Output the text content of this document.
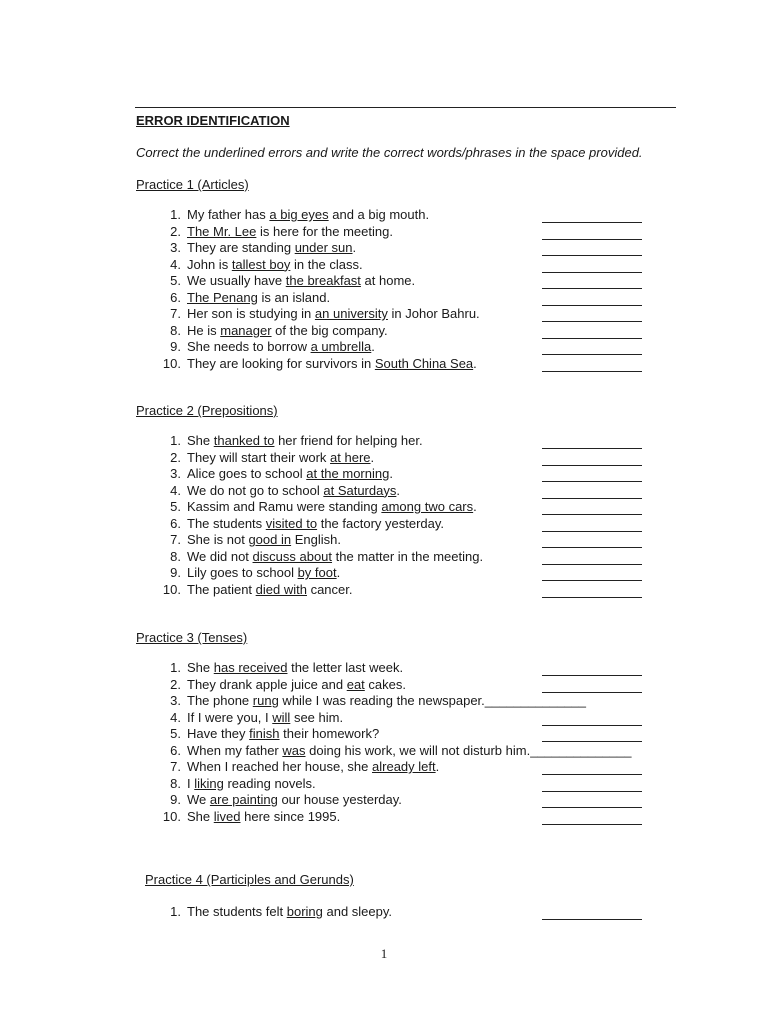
ERROR IDENTIFICATION
Correct the underlined errors and write the correct words/phrases in the space provided.
Practice 1 (Articles)
1. My father has a big eyes and a big mouth.
2. The Mr. Lee is here for the meeting.
3. They are standing under sun.
4. John is tallest boy in the class.
5. We usually have the breakfast at home.
6. The Penang is an island.
7. Her son is studying in an university in Johor Bahru.
8. He is manager of the big company.
9. She needs to borrow a umbrella.
10. They are looking for survivors in South China Sea.
Practice 2 (Prepositions)
1. She thanked to her friend for helping her.
2. They will start their work at here.
3. Alice goes to school at the morning.
4. We do not go to school at Saturdays.
5. Kassim and Ramu were standing among two cars.
6. The students visited to the factory yesterday.
7. She is not good in English.
8. We did not discuss about the matter in the meeting.
9. Lily goes to school by foot.
10. The patient died with cancer.
Practice 3 (Tenses)
1. She has received the letter last week.
2. They drank apple juice and eat cakes.
3. The phone rung while I was reading the newspaper.______________
4. If I were you, I will see him.
5. Have they finish their homework?
6. When my father was doing his work, we will not disturb him.______________
7. When I reached her house, she already left.
8. I liking reading novels.
9. We are painting our house yesterday.
10. She lived here since 1995.
Practice 4 (Participles and Gerunds)
1. The students felt boring and sleepy.
1
